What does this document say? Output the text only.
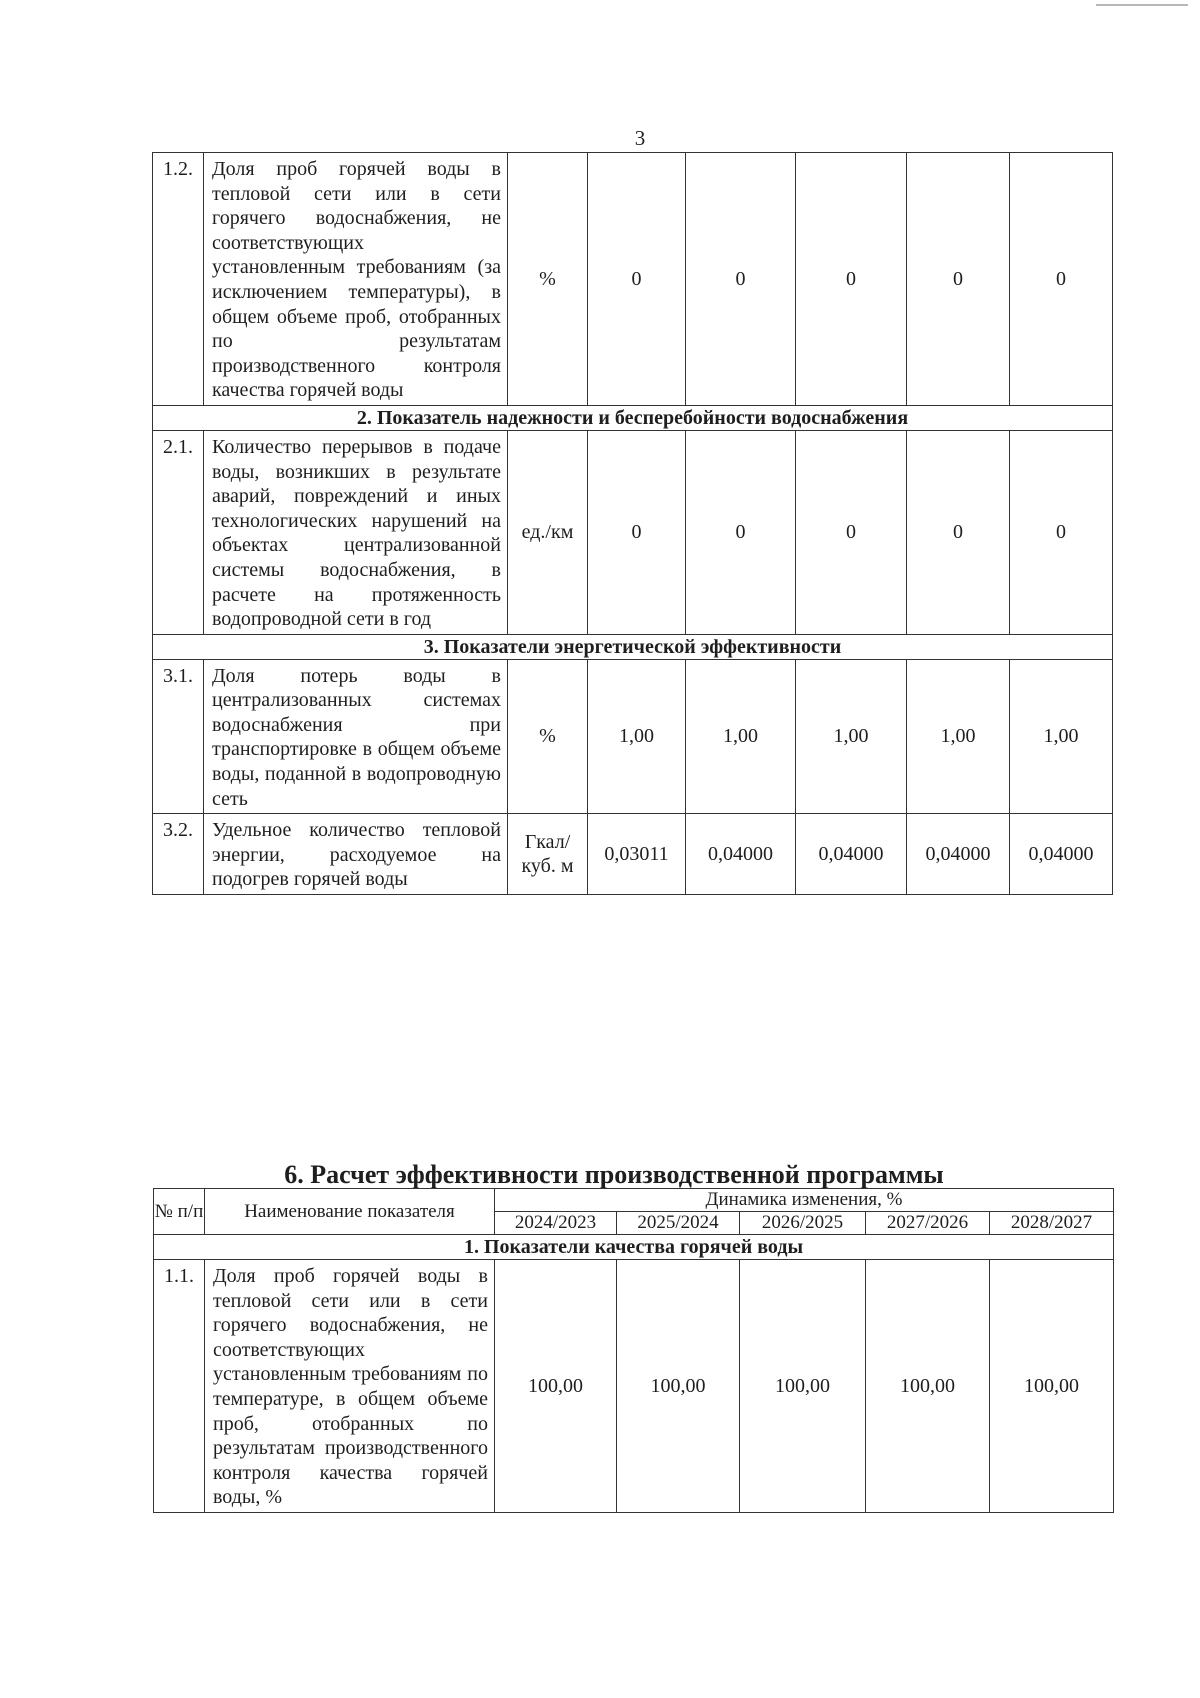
3
1.2.	Доля проб горячей воды в тепловой сети или в сети горячего водоснабжения, не соответствующих установленным требованиям (за исключением температуры), в общем объеме проб, отобранных по результатам производственного контроля качества горячей воды	%	0	0	0	0	0
2. Показатель надежности и бесперебойности водоснабжения							
2.1.	Количество перерывов в подаче воды, возникших в результате аварий, повреждений и иных технологических нарушений на объектах централизованной системы водоснабжения, в расчете на протяженность водопроводной сети в год	ед./км	0	0	0	0	0
3. Показатели энергетической эффективности							
3.1.	Доля потерь воды в централизованных системах водоснабжения при транспортировке в общем объеме воды, поданной в водопроводную сеть	%	1,00	1,00	1,00	1,00	1,00
3.2.	Удельное количество тепловой энергии, расходуемое на подогрев горячей воды	Гкал/ куб. м	0,03011	0,04000	0,04000	0,04000	0,04000
6. Расчет эффективности производственной программы
№ п/п	Наименование показателя	Динамика изменения, %				
		2024/2023	2025/2024	2026/2025	2027/2026	2028/2027
1. Показатели качества горячей воды						
1.1.	Доля проб горячей воды в тепловой сети или в сети горячего водоснабжения, не соответствующих установленным требованиям по температуре, в общем объеме проб, отобранных по результатам производственного контроля качества горячей воды, %	100,00	100,00	100,00	100,00	100,00
